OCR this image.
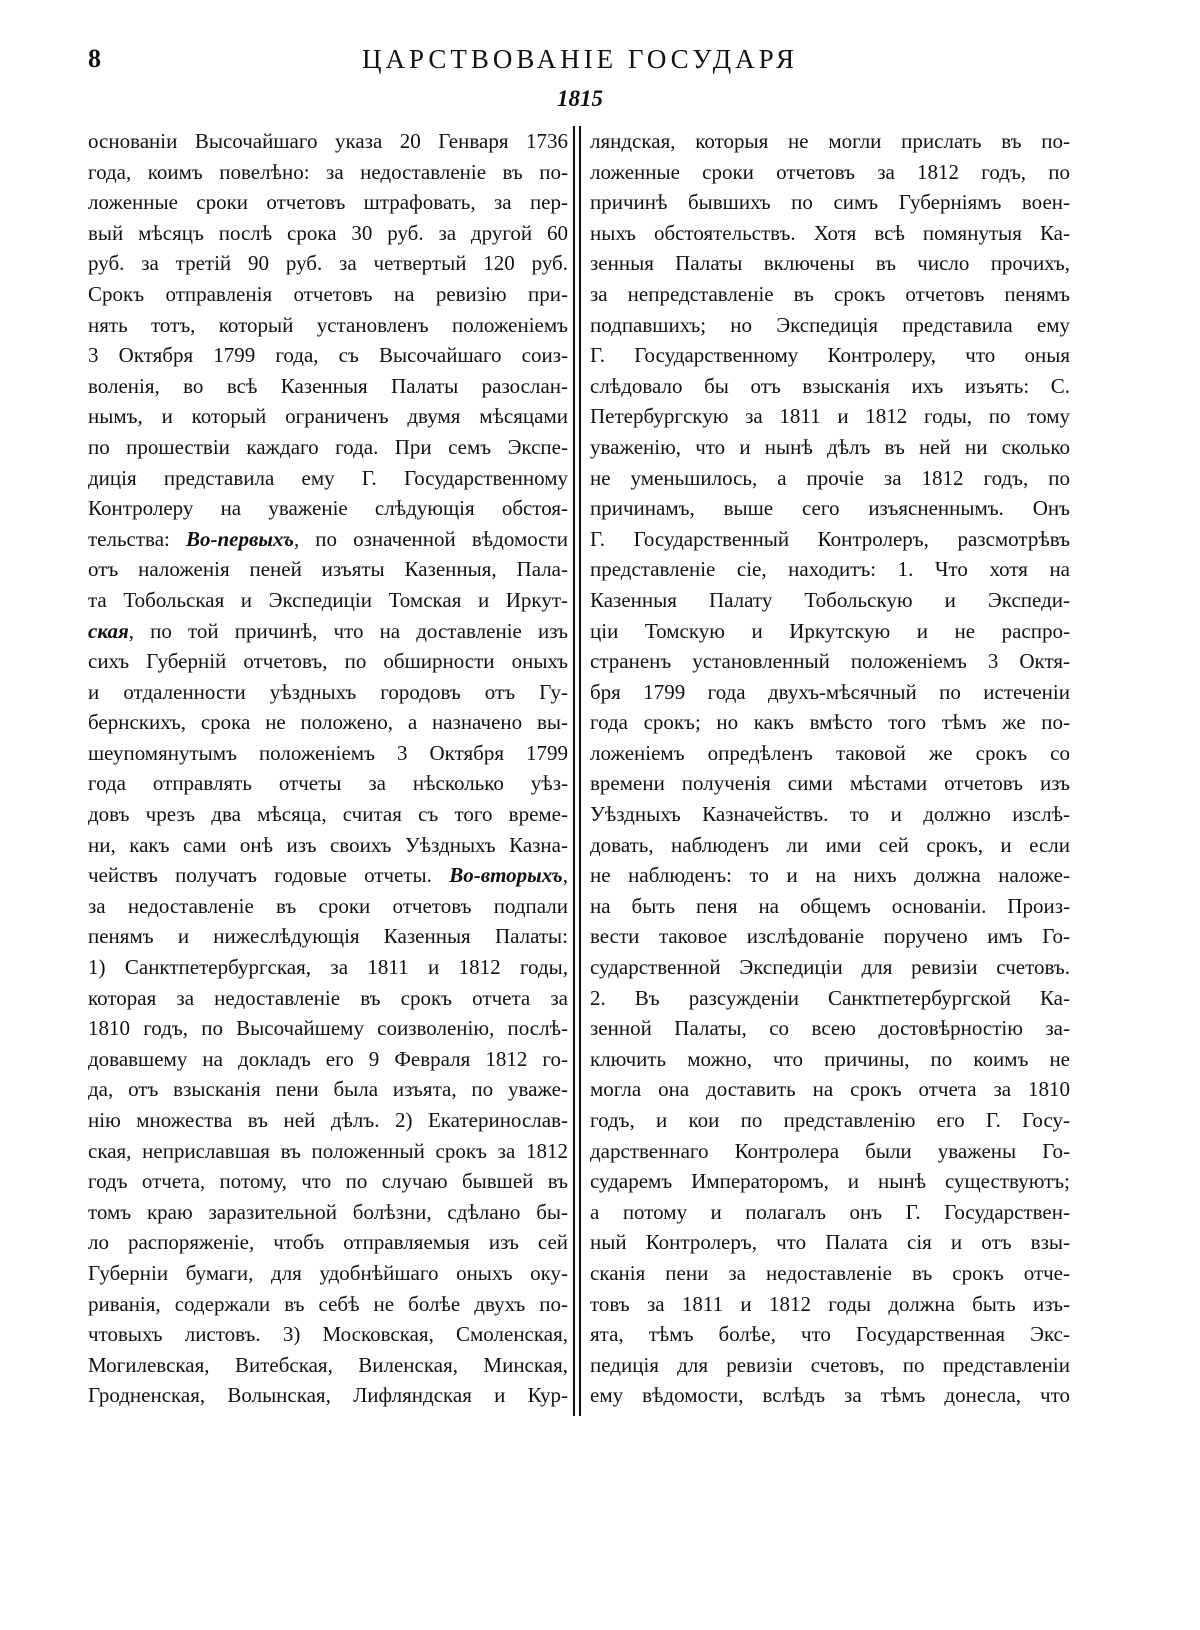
8	ЦАРСТВОВАНІЕ ГОСУДАРЯ
1815
основаніи Высочайшаго указа 20 Генваря 1736
года, коимъ повелѣно: за недоставленіе въ по-
ложенные сроки отчетовъ штрафовать, за пер-
вый мѣсяцъ послѣ срока 30 руб. за другой 60
руб. за третій 90 руб. за четвертый 120 руб.
Срокъ отправленія отчетовъ на ревизію при-
нять тотъ, который установленъ положеніемъ
3 Октября 1799 года, съ Высочайшаго соиз-
воленія, во всѣ Казенныя Палаты разослан-
нымъ, и который ограниченъ двумя мѣсяцами
по прошествіи каждаго года. При семъ Экспе-
диція представила ему Г. Государственному
Контролеру на уваженіе слѣдующія обстоя-
тельства: Во-первыхъ, по означенной вѣдомости
отъ наложенія пеней изъяты Казенныя, Пала-
та Тобольская и Экспедиціи Томская и Иркут-
ская, по той причинѣ, что на доставленіе изъ
сихъ Губерній отчетовъ, по обширности оныхъ
и отдаленности уѣздныхъ городовъ отъ Гу-
бернскихъ, срока не положено, а назначено вы-
шеупомянутымъ положеніемъ 3 Октября 1799
года отправлять отчеты за нѣсколько уѣз-
довъ чрезъ два мѣсяца, считая съ того време-
ни, какъ сами онѣ изъ своихъ Уѣздныхъ Казна-
чействъ получатъ годовые отчеты. Во-вторыхъ,
за недоставленіе въ сроки отчетовъ подпали
пенямъ и нижеслѣдующія Казенныя Палаты:
1) Санктпетербургская, за 1811 и 1812 годы,
которая за недоставленіе въ срокъ отчета за
1810 годъ, по Высочайшему соизволенію, послѣ-
довавшему на докладъ его 9 Февраля 1812 го-
да, отъ взысканія пени была изъята, по уваже-
нію множества въ ней дѣлъ. 2) Екатеринослав-
ская, неприславшая въ положенный срокъ за 1812
годъ отчета, потому, что по случаю бывшей въ
томъ краю заразительной болѣзни, сдѣлано бы-
ло распоряженіе, чтобъ отправляемыя изъ сей
Губерніи бумаги, для удобнѣйшаго оныхъ оку-
риванія, содержали въ себѣ не болѣе двухъ по-
чтовыхъ листовъ. 3) Московская, Смоленская,
Могилевская, Витебская, Виленская, Минская,
Гродненская, Волынская, Лифляндская и Кур-
ляндская, которыя не могли прислать въ по-
ложенные сроки отчетовъ за 1812 годъ, по
причинѣ бывшихъ по симъ Губерніямъ воен-
ныхъ обстоятельствъ. Хотя всѣ помянутыя Ка-
зенныя Палаты включены въ число прочихъ,
за непредставленіе въ срокъ отчетовъ пенямъ
подпавшихъ; но Экспедиція представила ему
Г. Государственному Контролеру, что оныя
слѣдовало бы отъ взысканія ихъ изъять: С.
Петербургскую за 1811 и 1812 годы, по тому
уваженію, что и нынѣ дѣлъ въ ней ни сколько
не уменьшилось, а прочіе за 1812 годъ, по
причинамъ, выше сего изъясненнымъ. Онъ
Г. Государственный Контролеръ, разсмотрѣвъ
представленіе сіе, находитъ: 1. Что хотя на
Казенныя Палату Тобольскую и Экспеди-
ціи Томскую и Иркутскую и не распро-
страненъ установленный положеніемъ 3 Октя-
бря 1799 года двухъ-мѣсячный по истеченіи
года срокъ; но какъ вмѣсто того тѣмъ же по-
ложеніемъ опредѣленъ таковой же срокъ со
времени полученія сими мѣстами отчетовъ изъ
Уѣздныхъ Казначействъ. то и должно изслѣ-
довать, наблюденъ ли ими сей срокъ, и если
не наблюденъ: то и на нихъ должна наложе-
на быть пеня на общемъ основаніи. Произ-
вести таковое изслѣдованіе поручено имъ Го-
сударственной Экспедиціи для ревизіи счетовъ.
2. Въ разсужденіи Санктпетербургской Ка-
зенной Палаты, со всею достовѣрностію за-
ключить можно, что причины, по коимъ не
могла она доставить на срокъ отчета за 1810
годъ, и кои по представленію его Г. Госу-
дарственнаго Контролера были уважены Го-
сударемъ Императоромъ, и нынѣ существуютъ;
а потому и полагалъ онъ Г. Государствен-
ный Контролеръ, что Палата сія и отъ взы-
сканія пени за недоставленіе въ срокъ отче-
товъ за 1811 и 1812 годы должна быть изъ-
ята, тѣмъ болѣе, что Государственная Экс-
педиція для ревизіи счетовъ, по представленіи
ему вѣдомости, вслѣдъ за тѣмъ донесла, что
